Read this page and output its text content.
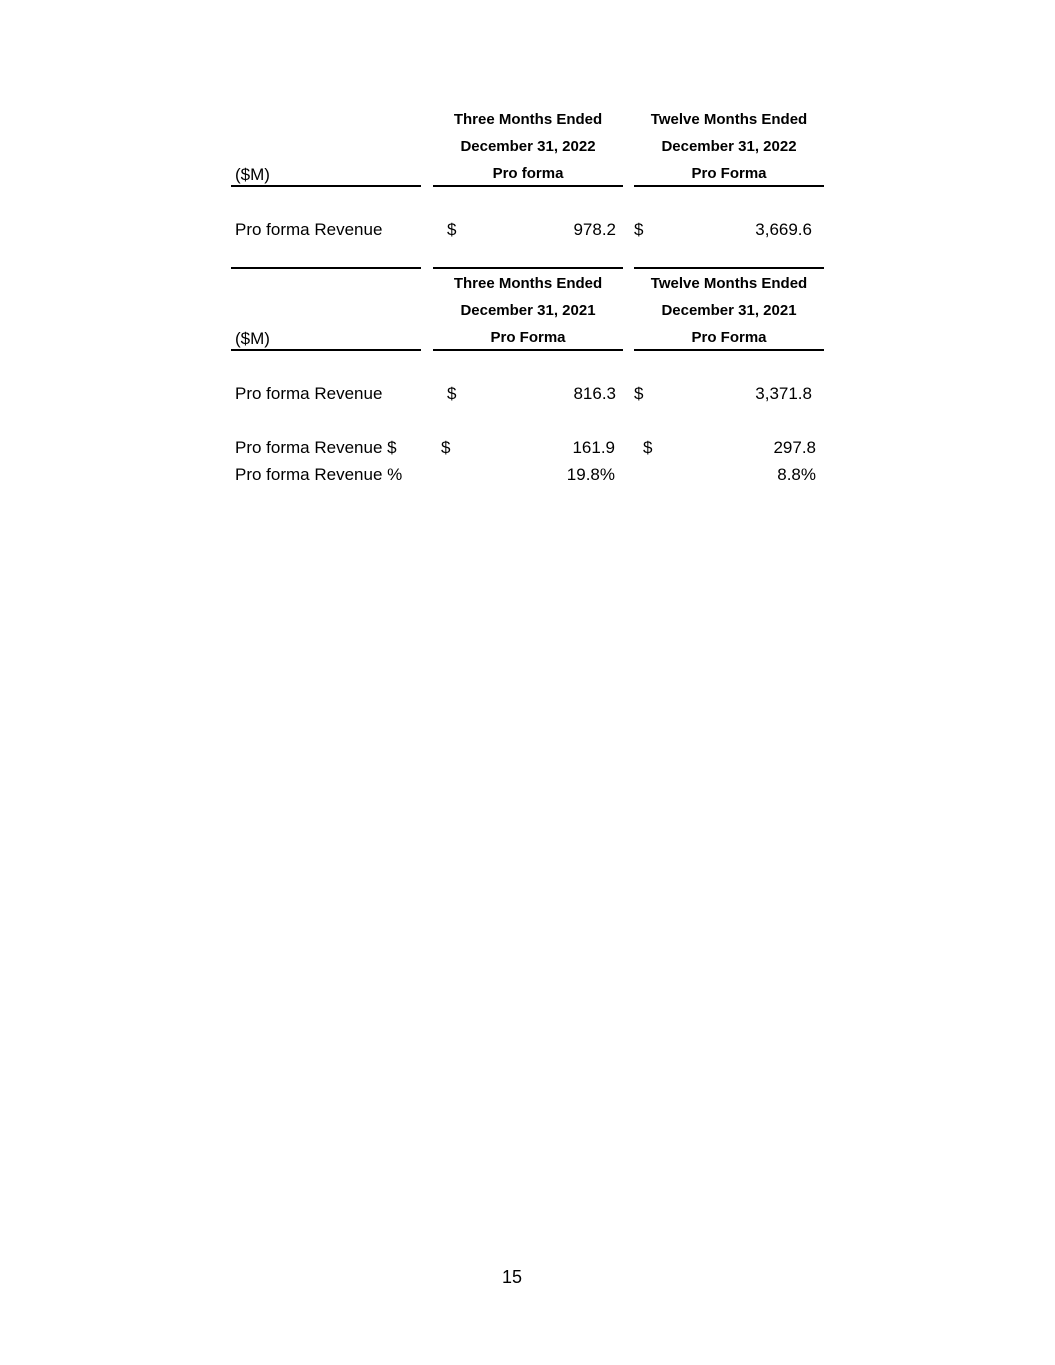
Three Months Ended
December 31, 2022
Pro forma
Twelve Months Ended
December 31, 2022
Pro Forma
($M)
Pro forma Revenue	$	978.2 $	3,669.6
Three Months Ended
December 31, 2021
Pro Forma
Twelve Months Ended
December 31, 2021
Pro Forma
($M)
Pro forma Revenue	$	816.3 $	3,371.8
Pro forma Revenue $	$	161.9 $	297.8
Pro forma Revenue %	19.8%	8.8%
15
